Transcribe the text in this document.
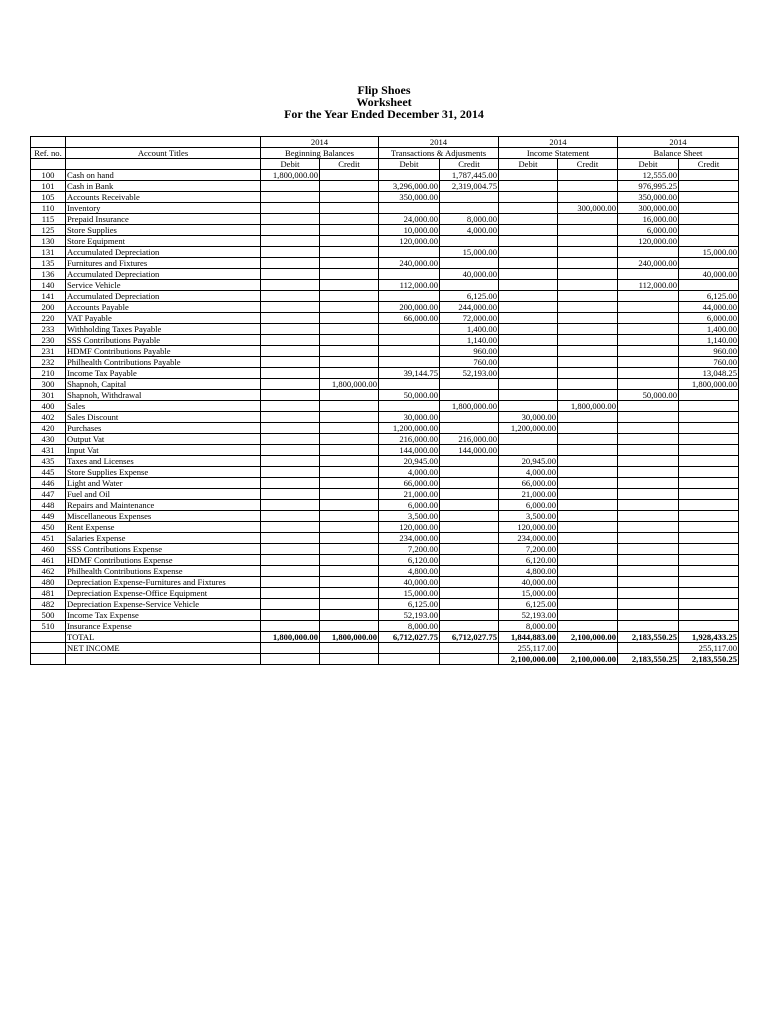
Flip Shoes
Worksheet
For the Year Ended December 31, 2014
		2014		2014		2014		2014	
Ref. no.	Account Titles	Beginning Balances		Transactions & Adjusments		Income Statement		Balance Sheet	
		Debit	Credit	Debit	Credit	Debit	Credit	Debit	Credit
100	Cash on hand	1,800,000.00			1,787,445.00			12,555.00	
101	Cash in Bank			3,296,000.00	2,319,004.75			976,995.25	
105	Accounts Receivable			350,000.00				350,000.00	
110	Inventory						300,000.00	300,000.00	
115	Prepaid Insurance			24,000.00	8,000.00			16,000.00	
125	Store Supplies			10,000.00	4,000.00			6,000.00	
130	Store Equipment			120,000.00				120,000.00	
131	Accumulated Depreciation				15,000.00				15,000.00
135	Furnitures and Fixtures			240,000.00				240,000.00	
136	Accumulated Depreciation				40,000.00				40,000.00
140	Service Vehicle			112,000.00				112,000.00	
141	Accumulated Depreciation				6,125.00				6,125.00
200	Accounts Payable			200,000.00	244,000.00				44,000.00
220	VAT Payable			66,000.00	72,000.00				6,000.00
233	Withholding Taxes Payable				1,400.00				1,400.00
230	SSS Contributions Payable				1,140.00				1,140.00
231	HDMF Contributions Payable				960.00				960.00
232	Philhealth Contributions Payable				760.00				760.00
210	Income Tax Payable			39,144.75	52,193.00				13,048.25
300	Shapnoh, Capital		1,800,000.00						1,800,000.00
301	Shapnoh, Withdrawal			50,000.00				50,000.00	
400	Sales				1,800,000.00		1,800,000.00		
402	Sales Discount			30,000.00		30,000.00			
420	Purchases			1,200,000.00		1,200,000.00			
430	Output Vat			216,000.00	216,000.00				
431	Input Vat			144,000.00	144,000.00				
435	Taxes and Licenses			20,945.00		20,945.00			
445	Store Supplies Expense			4,000.00		4,000.00			
446	Light and Water			66,000.00		66,000.00			
447	Fuel and Oil			21,000.00		21,000.00			
448	Repairs and Maintenance			6,000.00		6,000.00			
449	Miscellaneous Expenses			3,500.00		3,500.00			
450	Rent Expense			120,000.00		120,000.00			
451	Salaries Expense			234,000.00		234,000.00			
460	SSS Contributions Expense			7,200.00		7,200.00			
461	HDMF Contributions Expense			6,120.00		6,120.00			
462	Philhealth Contributions Expense			4,800.00		4,800.00			
480	Depreciation Expense-Furnitures and Fixtures			40,000.00		40,000.00			
481	Depreciation Expense-Office Equipment			15,000.00		15,000.00			
482	Depreciation Expense-Service Vehicle			6,125.00		6,125.00			
500	Income Tax Expense			52,193.00		52,193.00			
510	Insurance Expense			8,000.00		8,000.00			
	TOTAL	1,800,000.00	1,800,000.00	6,712,027.75	6,712,027.75	1,844,883.00	2,100,000.00	2,183,550.25	1,928,433.25
	NET INCOME					255,117.00			255,117.00
						2,100,000.00	2,100,000.00	2,183,550.25	2,183,550.25
